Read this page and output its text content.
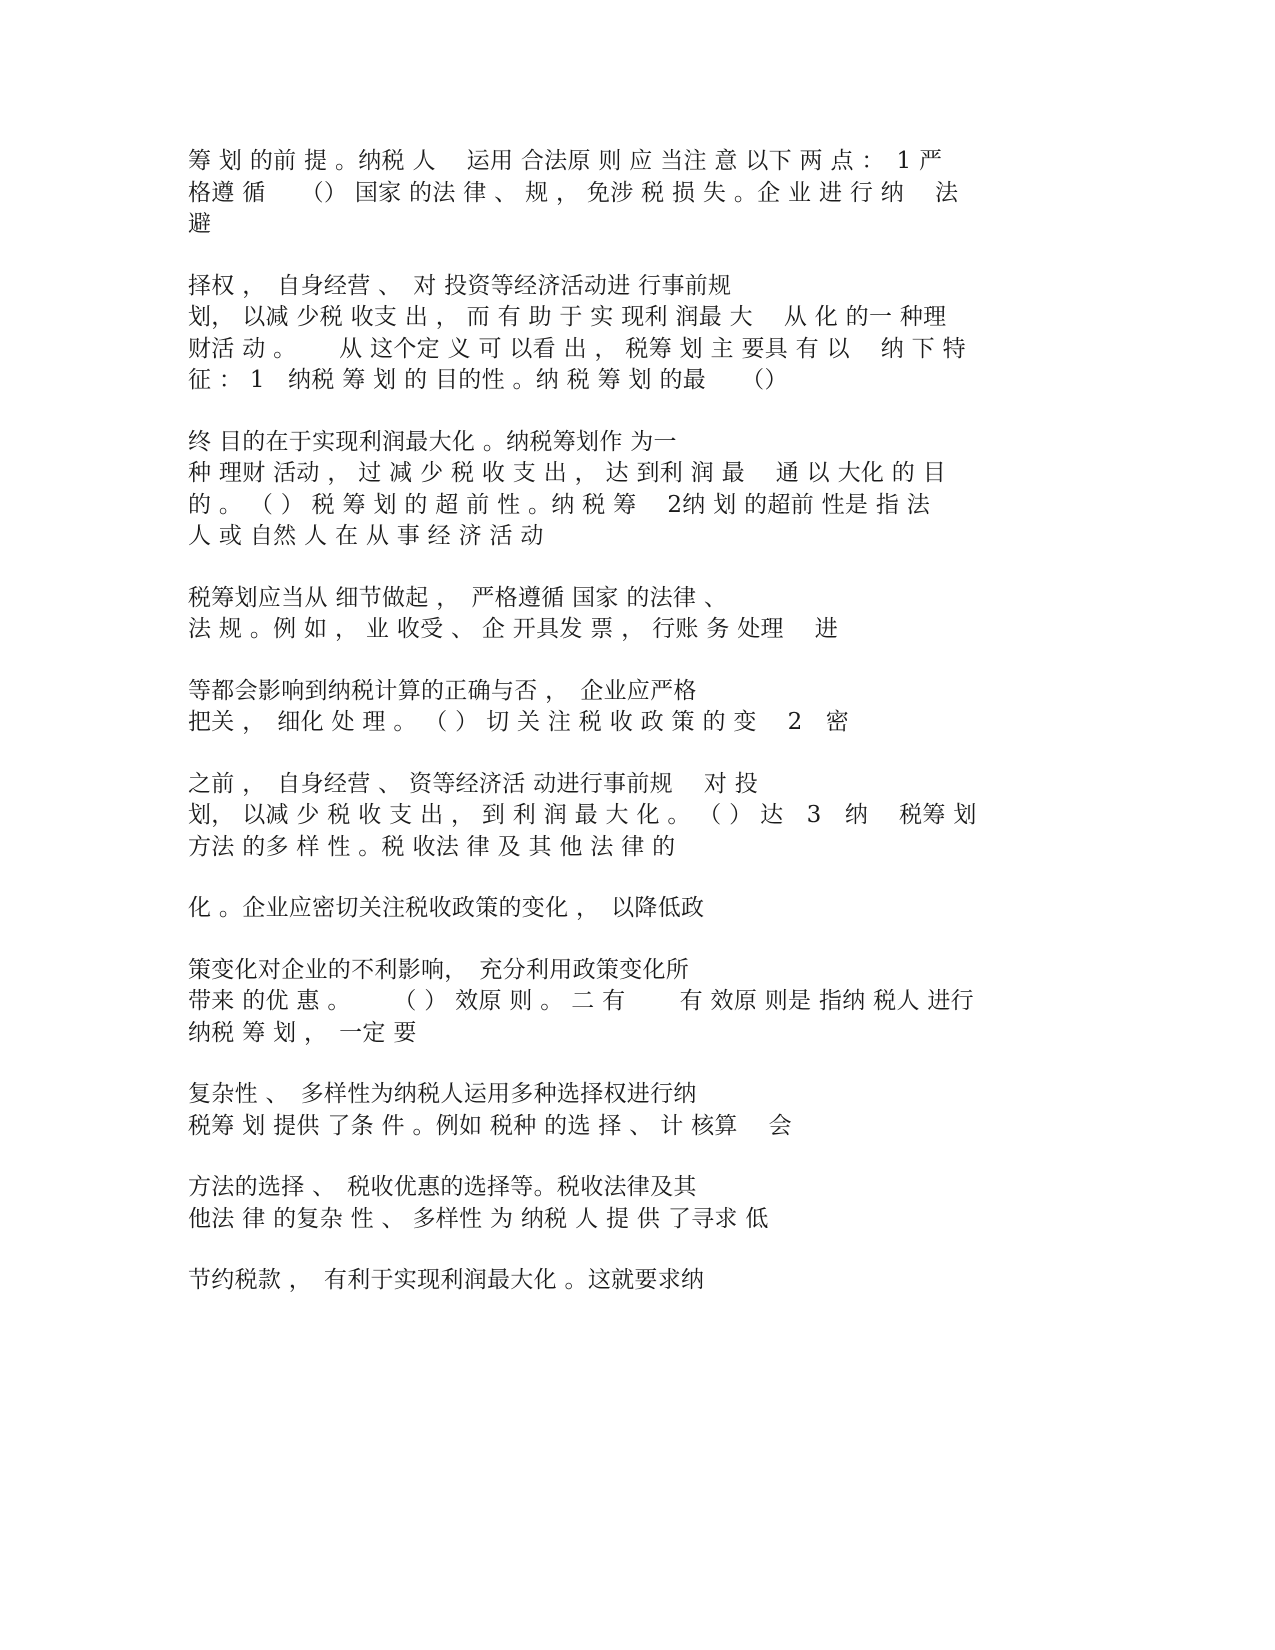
筹 划 的前 提 。纳税 人　 运用 合法原 则 应 当注 意 以下 两 点 ：　1 严
格遵 循　　（） 国家 的法 律 、 规 ， 免涉 税 损 失 。企 业 进 行 纳　 法
避
择权 ，　自身经营 、　对 投资等经济活动进 行事前规
划， 以减 少税 收支 出 ， 而 有 助 于 实 现利 润最 大　 从 化 的一 种理
财活 动 。　　 从 这个定 义 可 以看 出 ， 税筹 划 主 要具 有 以　 纳 下 特
征 ： 1　纳税 筹 划 的 目的性 。纳 税 筹 划 的最　　（）
终 目的在于实现利润最大化 。纳税筹划作 为一
种 理财 活动 ， 过 减 少 税 收 支 出 ， 达 到利 润 最　 通 以 大化 的 目
的 。 （ ） 税 筹 划 的 超 前 性 。纳 税 筹　 2纳 划 的超前 性是 指 法
人 或 自然 人 在 从 事 经 济 活 动
税筹划应当从 细节做起 ，　严格遵循 国家 的法律 、
法 规 。例 如 ， 业 收受 、 企 开具发 票 ， 行账 务 处理　 进
等都会影响到纳税计算的正确与否 ，　企业应严格
把关 ，　细化 处 理 。 （ ） 切 关 注 税 收 政 策 的 变　 2　密
之前 ，　自身经营 、 资等经济活 动进行事前规　 对 投
划， 以减 少 税 收 支 出 ， 到 利 润 最 大 化 。 （ ） 达　3　纳　 税筹 划
方法 的多 样 性 。税 收法 律 及 其 他 法 律 的
化 。企业应密切关注税收政策的变化 ，　以降低政
策变化对企业的不利影响，　充分利用政策变化所
带来 的优 惠 。　　 （ ） 效原 则 。 二 有　　 有 效原 则是 指纳 税人 进行
纳税 筹 划 ，　一定 要
复杂性 、　多样性为纳税人运用多种选择权进行纳
税筹 划 提供 了条 件 。例如 税种 的选 择 、 计 核算　 会
方法的选择 、　税收优惠的选择等。税收法律及其
他法 律 的复杂 性 、 多样性 为 纳税 人 提 供 了寻求 低
节约税款 ，　有利于实现利润最大化 。这就要求纳
